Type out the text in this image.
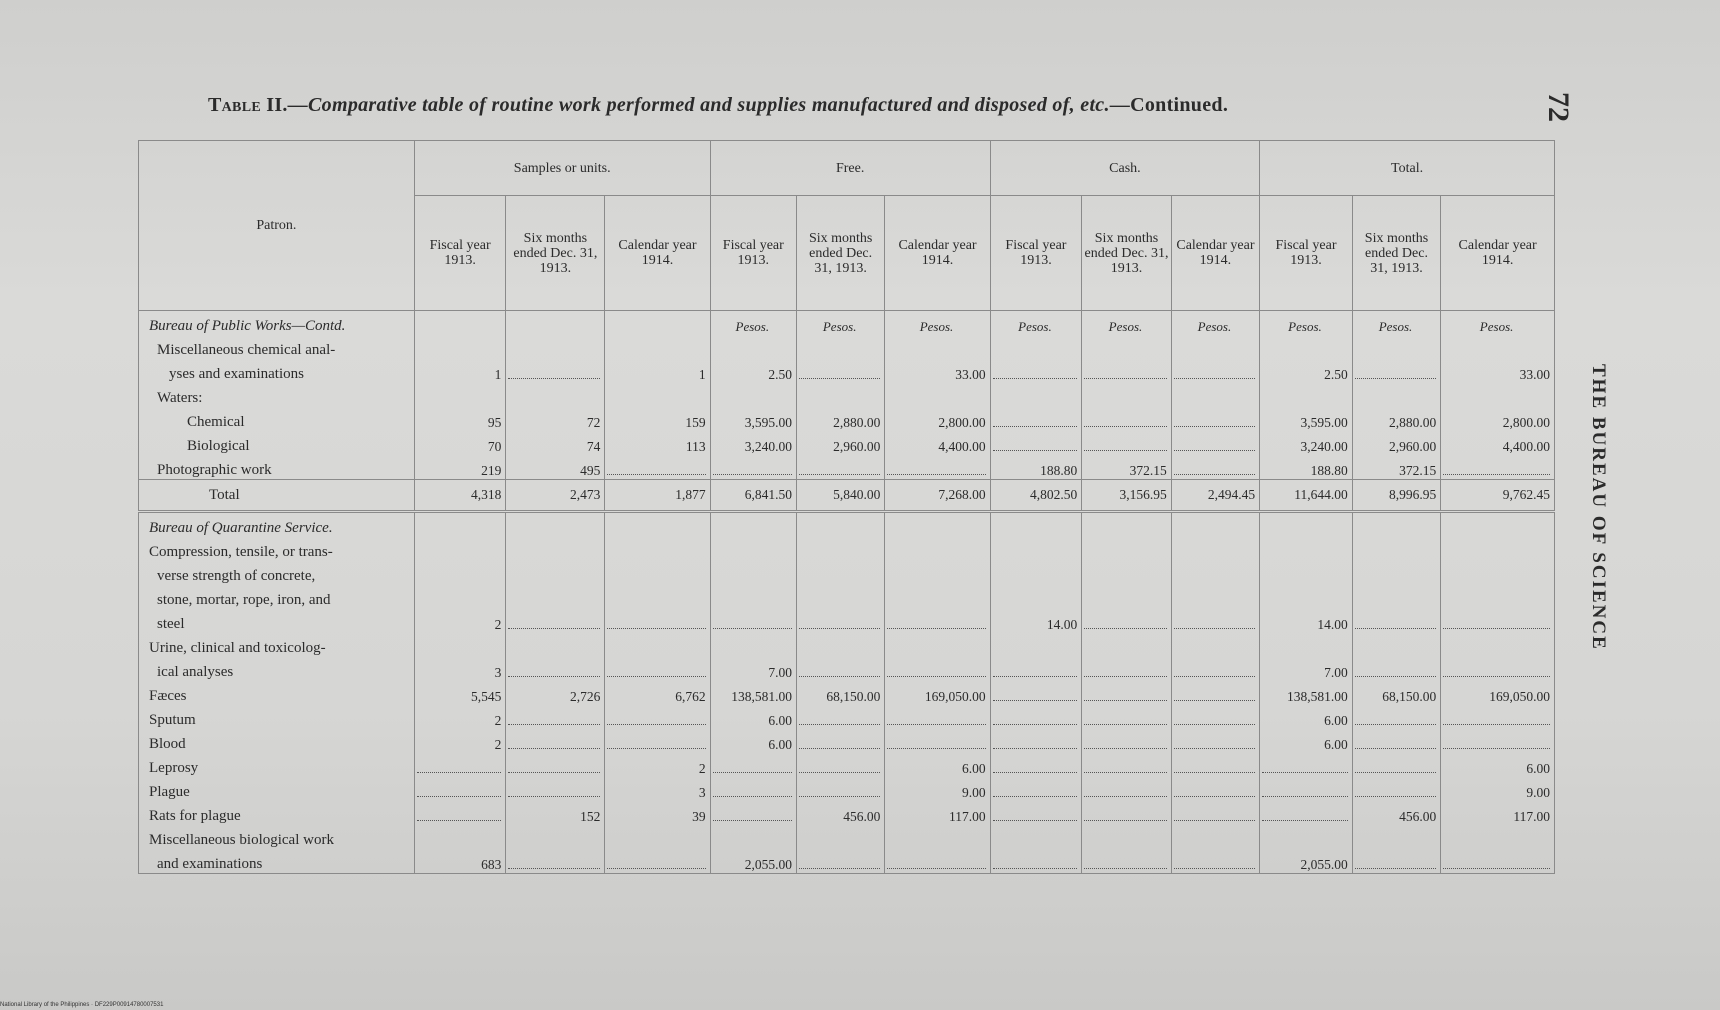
Table II.—Comparative table of routine work performed and supplies manufactured and disposed of, etc.—Continued.	72
THE BUREAU OF SCIENCE
Patron.	Samples or units.			Free.			Cash.			Total.		
	Fiscal year 1913.	Six months ended Dec. 31, 1913.	Calendar year 1914.	Fiscal year 1913.	Six months ended Dec. 31, 1913.	Calendar year 1914.	Fiscal year 1913.	Six months ended Dec. 31, 1913.	Calendar year 1914.	Fiscal year 1913.	Six months ended Dec. 31, 1913.	Calendar year 1914.
Bureau of Public Works—Contd.				Pesos.	Pesos.	Pesos.	Pesos.	Pesos.	Pesos.	Pesos.	Pesos.	Pesos.
Miscellaneous chemical anal-												
yses and examinations	1		1	2.50		33.00				2.50		33.00
Waters:												
Chemical	95	72	159	3,595.00	2,880.00	2,800.00				3,595.00	2,880.00	2,800.00
Biological	70	74	113	3,240.00	2,960.00	4,400.00				3,240.00	2,960.00	4,400.00
Photographic work	219	495					188.80	372.15		188.80	372.15	
Total	4,318	2,473	1,877	6,841.50	5,840.00	7,268.00	4,802.50	3,156.95	2,494.45	11,644.00	8,996.95	9,762.45
Bureau of Quarantine Service.												
Compression, tensile, or trans-												
verse strength of concrete,												
stone, mortar, rope, iron, and												
steel	2						14.00			14.00		
Urine, clinical and toxicolog-												
ical analyses	3			7.00						7.00		
Fæces	5,545	2,726	6,762	138,581.00	68,150.00	169,050.00				138,581.00	68,150.00	169,050.00
Sputum	2			6.00						6.00		
Blood	2			6.00						6.00		
Leprosy			2			6.00						6.00
Plague			3			9.00						9.00
Rats for plague		152	39		456.00	117.00					456.00	117.00
Miscellaneous biological work												
and examinations	683			2,055.00						2,055.00		
National Library of the Philippines · DF229P00914780007531
